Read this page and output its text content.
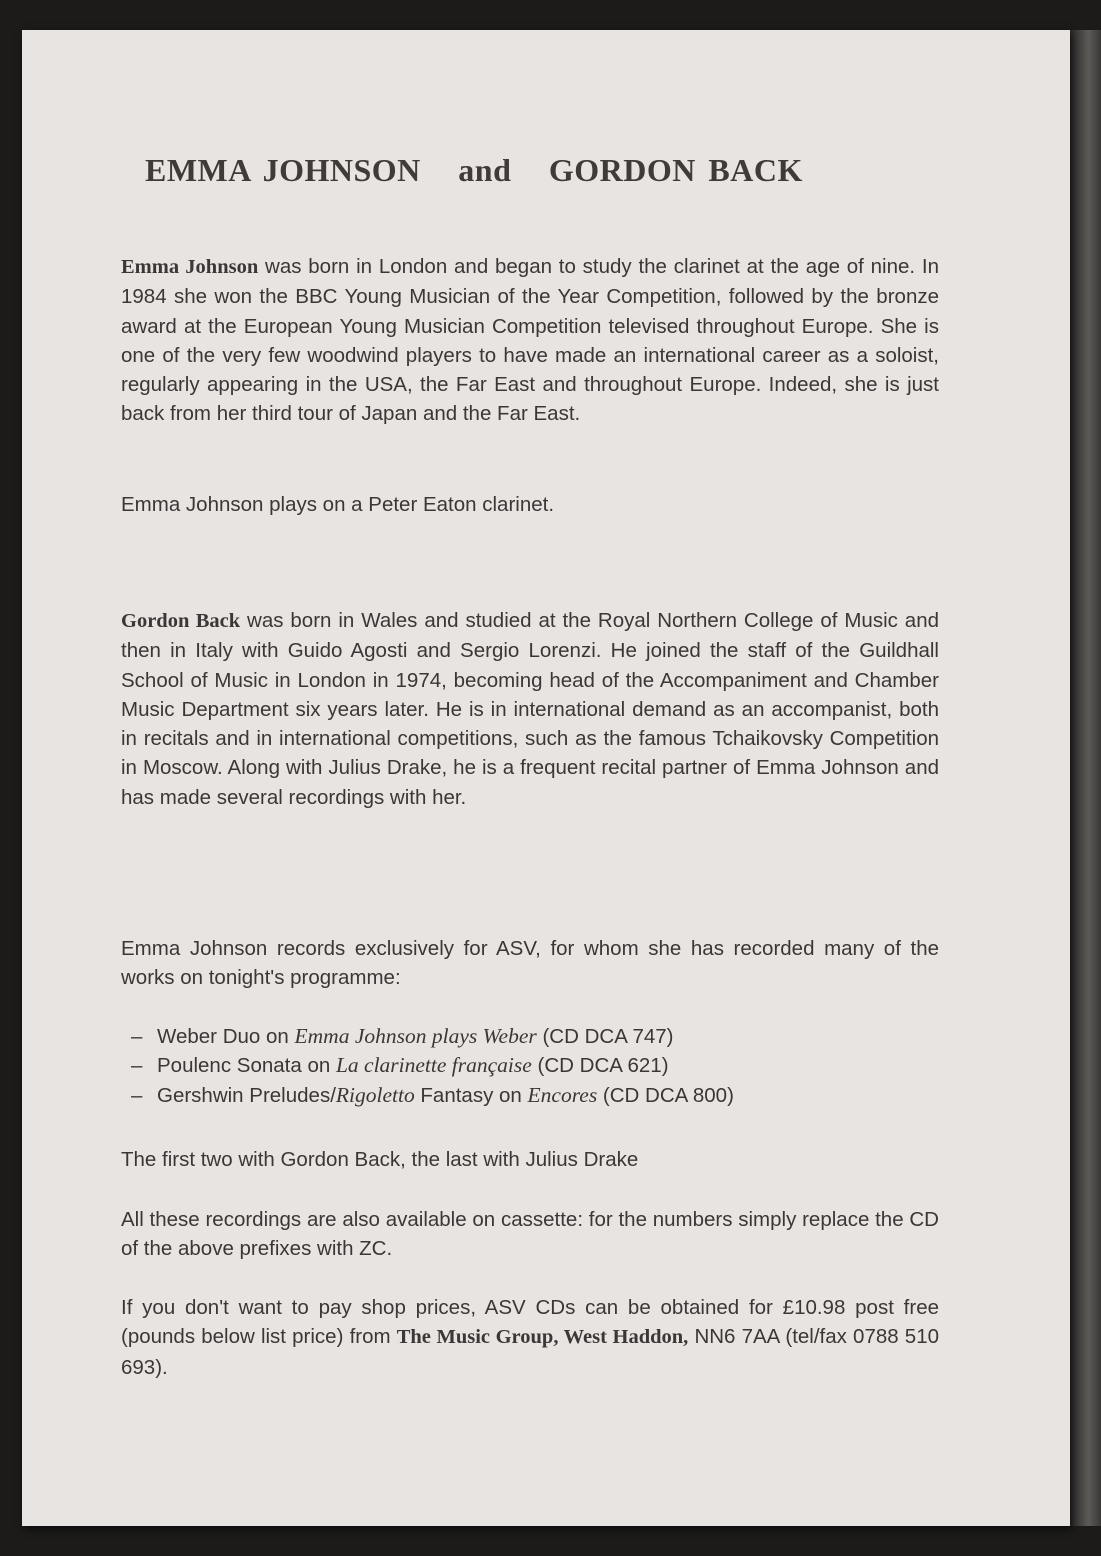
EMMA JOHNSON   and   GORDON BACK

Emma Johnson was born in London and began to study the clarinet at the age of nine. In 1984 she won the BBC Young Musician of the Year Competition, followed by the bronze award at the European Young Musician Competition televised throughout Europe. She is one of the very few woodwind players to have made an international career as a soloist, regularly appearing in the USA, the Far East and throughout Europe. Indeed, she is just back from her third tour of Japan and the Far East.

Emma Johnson plays on a Peter Eaton clarinet.

Gordon Back was born in Wales and studied at the Royal Northern College of Music and then in Italy with Guido Agosti and Sergio Lorenzi. He joined the staff of the Guildhall School of Music in London in 1974, becoming head of the Accompaniment and Chamber Music Department six years later. He is in international demand as an accompanist, both in recitals and in international competitions, such as the famous Tchaikovsky Competition in Moscow. Along with Julius Drake, he is a frequent recital partner of Emma Johnson and has made several recordings with her.

Emma Johnson records exclusively for ASV, for whom she has recorded many of the works on tonight's programme:

– Weber Duo on Emma Johnson plays Weber (CD DCA 747)
– Poulenc Sonata on La clarinette française (CD DCA 621)
– Gershwin Preludes/Rigoletto Fantasy on Encores (CD DCA 800)

The first two with Gordon Back, the last with Julius Drake

All these recordings are also available on cassette: for the numbers simply replace the CD of the above prefixes with ZC.

If you don't want to pay shop prices, ASV CDs can be obtained for £10.98 post free (pounds below list price) from The Music Group, West Haddon, NN6 7AA (tel/fax 0788 510 693).
